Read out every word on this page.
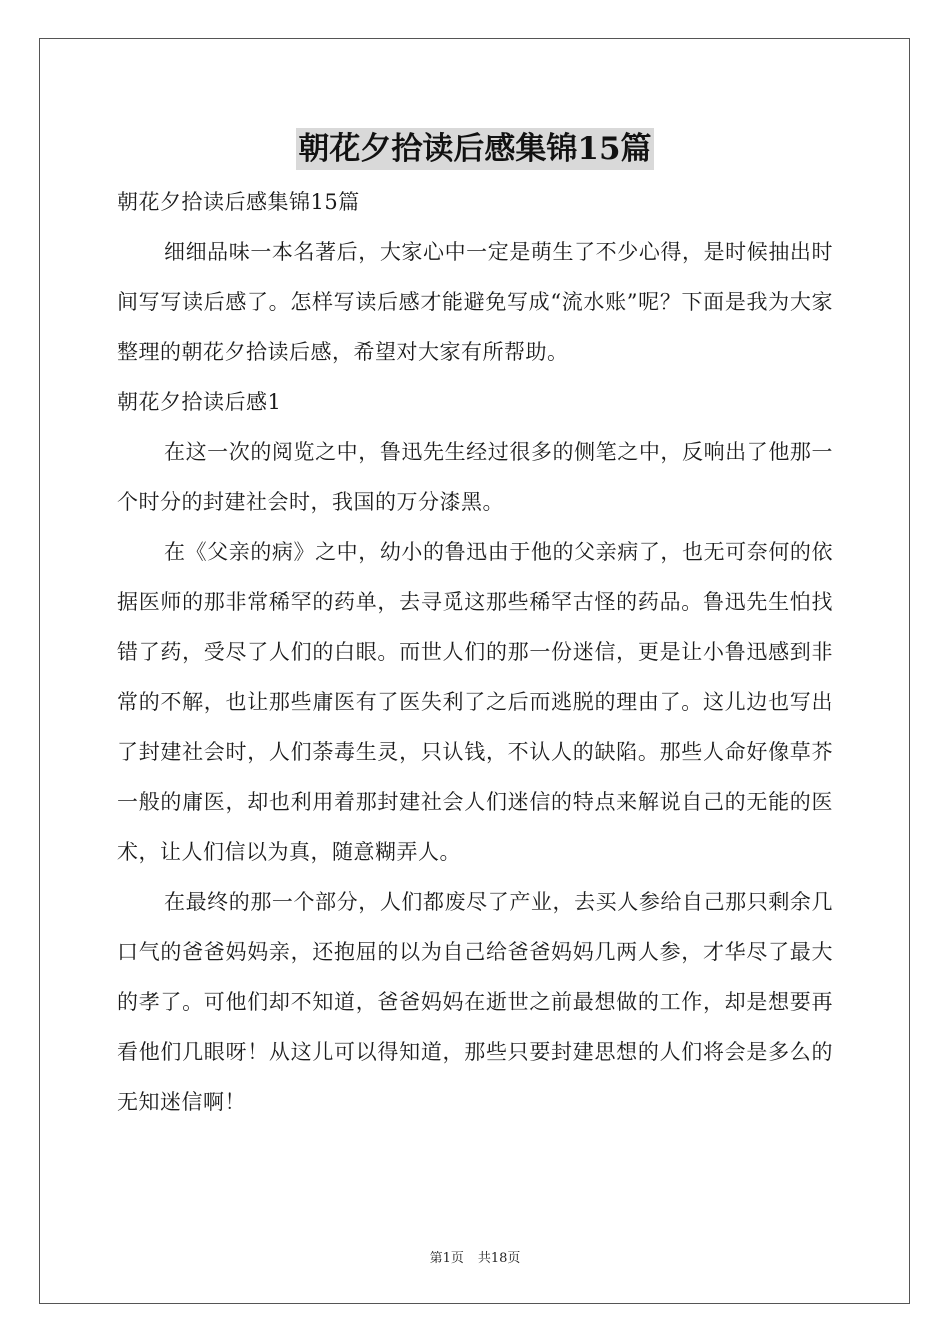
朝花夕拾读后感集锦15篇

朝花夕拾读后感集锦15篇

细细品味一本名著后，大家心中一定是萌生了不少心得，是时候抽出时间写写读后感了。怎样写读后感才能避免写成“流水账”呢？下面是我为大家整理的朝花夕拾读后感，希望对大家有所帮助。

朝花夕拾读后感1

在这一次的阅览之中，鲁迅先生经过很多的侧笔之中，反响出了他那一个时分的封建社会时，我国的万分漆黑。

在《父亲的病》之中，幼小的鲁迅由于他的父亲病了，也无可奈何的依据医师的那非常稀罕的药单，去寻觅这那些稀罕古怪的药品。鲁迅先生怕找错了药，受尽了人们的白眼。而世人们的那一份迷信，更是让小鲁迅感到非常的不解，也让那些庸医有了医失利了之后而逃脱的理由了。这儿边也写出了封建社会时，人们荼毒生灵，只认钱，不认人的缺陷。那些人命好像草芥一般的庸医，却也利用着那封建社会人们迷信的特点来解说自己的无能的医术，让人们信以为真，随意糊弄人。

在最终的那一个部分，人们都废尽了产业，去买人参给自己那只剩余几口气的爸爸妈妈亲，还抱屈的以为自己给爸爸妈妈几两人参，才华尽了最大的孝了。可他们却不知道，爸爸妈妈在逝世之前最想做的工作，却是想要再看他们几眼呀！从这儿可以得知道，那些只要封建思想的人们将会是多么的无知迷信啊！

第1页 共18页
